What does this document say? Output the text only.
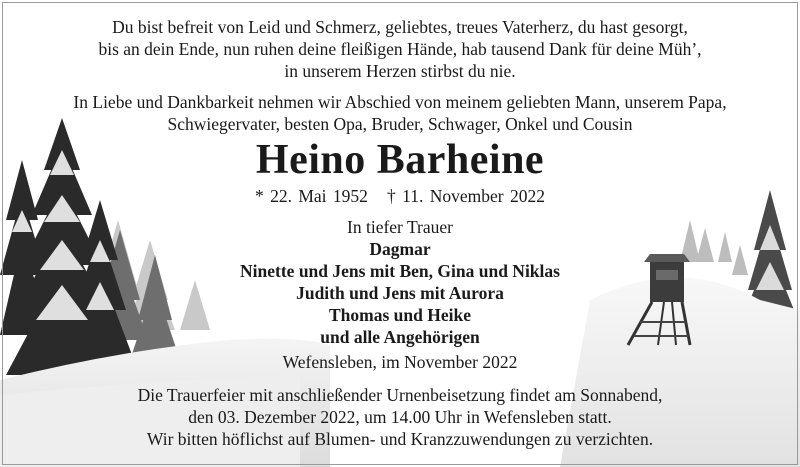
Du bist befreit von Leid und Schmerz, geliebtes, treues Vaterherz, du hast gesorgt,
bis an dein Ende, nun ruhen deine fleißigen Hände, hab tausend Dank für deine Müh’,
in unserem Herzen stirbst du nie.
In Liebe und Dankbarkeit nehmen wir Abschied von meinem geliebten Mann, unserem Papa,
Schwiegervater, besten Opa, Bruder, Schwager, Onkel und Cousin
Heino Barheine
* 22. Mai 1952   † 11. November 2022
In tiefer Trauer
Dagmar
Ninette und Jens mit Ben, Gina und Niklas
Judith und Jens mit Aurora
Thomas und Heike
und alle Angehörigen
Wefensleben, im November 2022
Die Trauerfeier mit anschließender Urnenbeisetzung findet am Sonnabend,
den 03. Dezember 2022, um 14.00 Uhr in Wefensleben statt.
Wir bitten höflichst auf Blumen- und Kranzzuwendungen zu verzichten.
